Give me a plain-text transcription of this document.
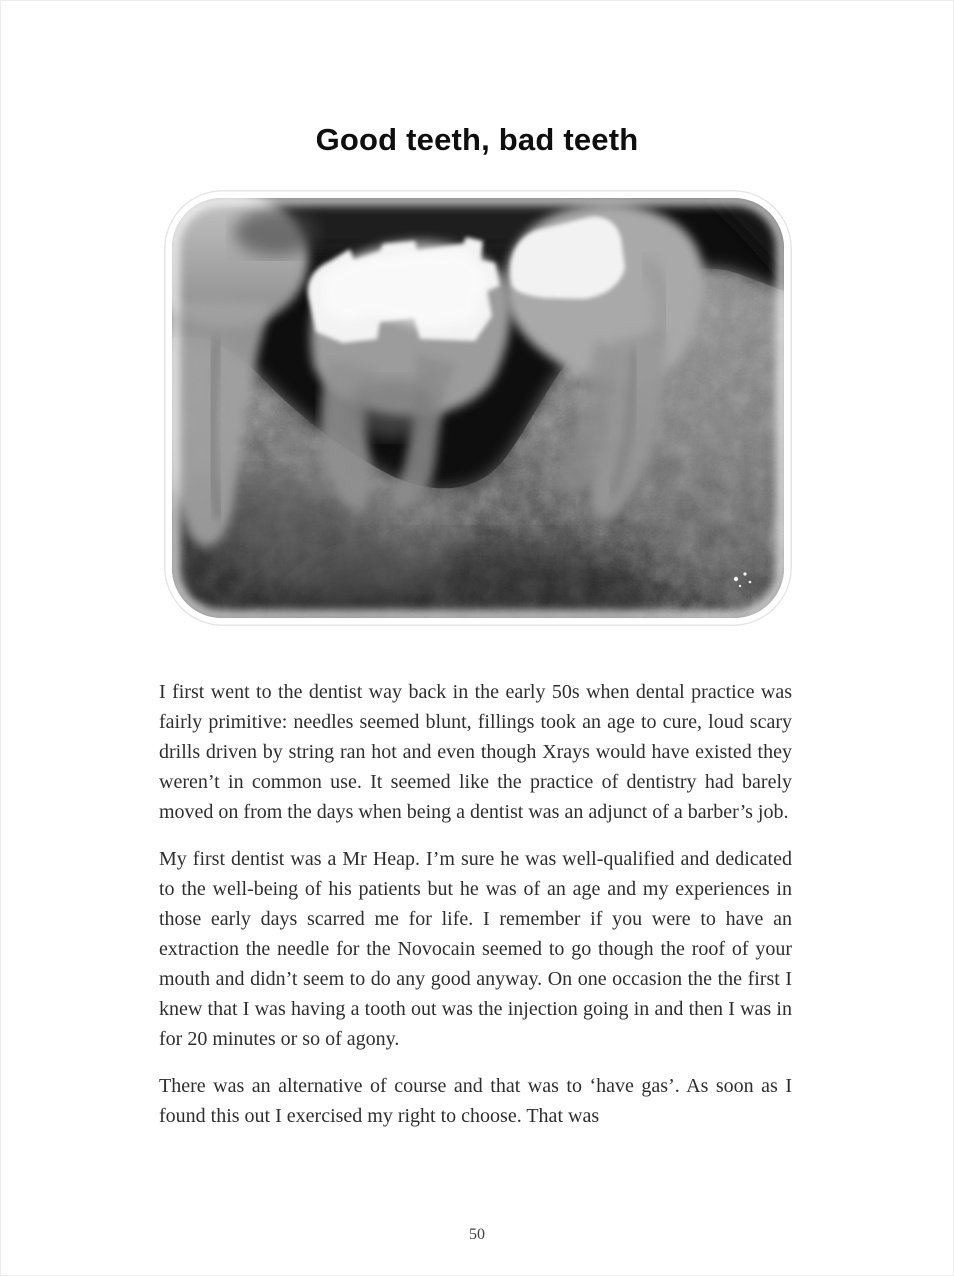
Good teeth, bad teeth

I first went to the dentist way back in the early 50s when dental practice was fairly primitive: needles seemed blunt, fillings took an age to cure, loud scary drills driven by string ran hot and even though Xrays would have existed they weren’t in common use. It seemed like the practice of dentistry had barely moved on from the days when being a dentist was an adjunct of a barber’s job.

My first dentist was a Mr Heap. I’m sure he was well-qualified and dedicated to the well-being of his patients but he was of an age and my experiences in those early days scarred me for life. I remember if you were to have an extraction the needle for the Novocain seemed to go though the roof of your mouth and didn’t seem to do any good anyway. On one occasion the the first I knew that I was having a tooth out was the injection going in and then I was in for 20 minutes or so of agony.

There was an alternative of course and that was to ‘have gas’. As soon as I found this out I exercised my right to choose. That was

50
